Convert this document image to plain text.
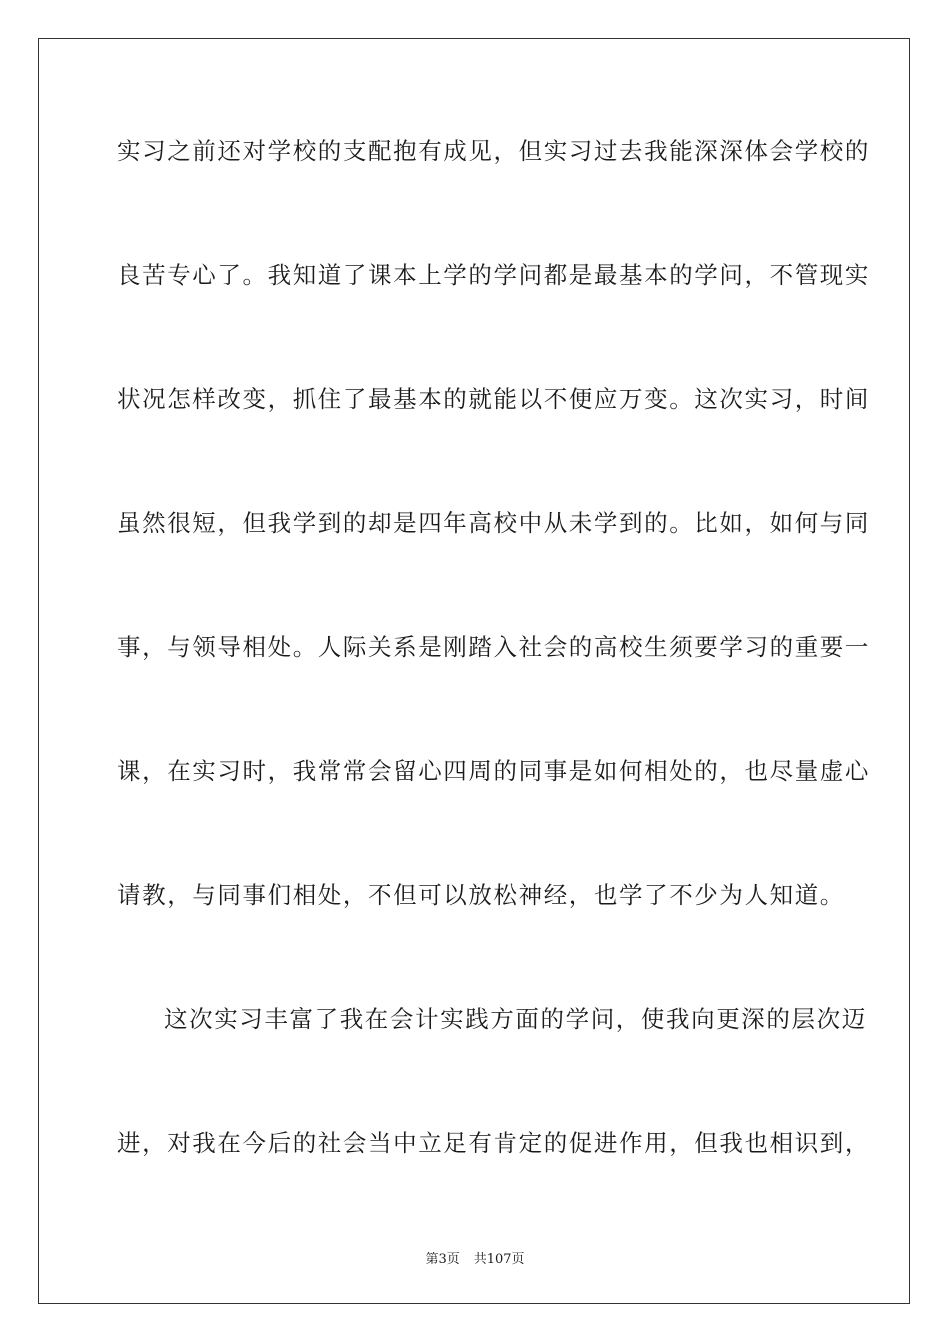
实习之前还对学校的支配抱有成见，但实习过去我能深深体会学校的
良苦专心了。我知道了课本上学的学问都是最基本的学问，不管现实
状况怎样改变，抓住了最基本的就能以不便应万变。这次实习，时间
虽然很短，但我学到的却是四年高校中从未学到的。比如，如何与同
事，与领导相处。人际关系是刚踏入社会的高校生须要学习的重要一
课，在实习时，我常常会留心四周的同事是如何相处的，也尽量虚心
请教，与同事们相处，不但可以放松神经，也学了不少为人知道。
这次实习丰富了我在会计实践方面的学问，使我向更深的层次迈
进，对我在今后的社会当中立足有肯定的促进作用，但我也相识到，
第3页 共107页
